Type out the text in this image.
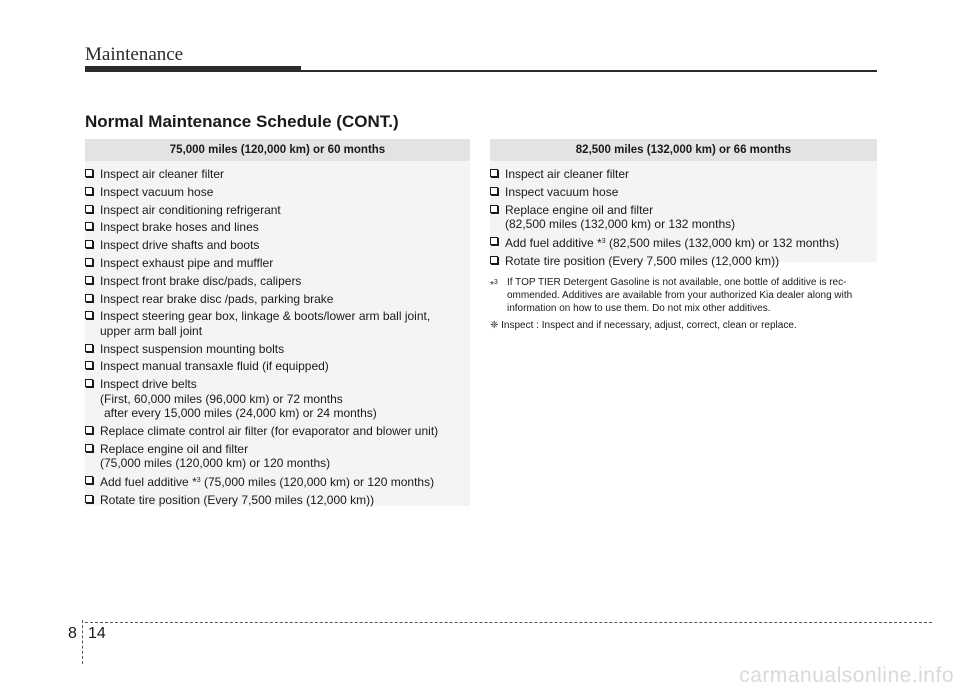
Maintenance
Normal Maintenance Schedule (CONT.)
75,000 miles (120,000 km) or 60 months
Inspect air cleaner filter
Inspect vacuum hose
Inspect air conditioning refrigerant
Inspect brake hoses and lines
Inspect drive shafts and boots
Inspect exhaust pipe and muffler
Inspect front brake disc/pads, calipers
Inspect rear brake disc /pads, parking brake
Inspect steering gear box, linkage & boots/lower arm ball joint,
upper arm ball joint
Inspect suspension mounting bolts
Inspect manual transaxle fluid (if equipped)
Inspect drive belts
(First, 60,000 miles (96,000 km) or 72 months
after every 15,000 miles (24,000 km) or 24 months)
Replace climate control air filter (for evaporator and blower unit)
Replace engine oil and filter
(75,000 miles (120,000 km) or 120 months)
Add fuel additive *$^3$ (75,000 miles (120,000 km) or 120 months)
Rotate tire position (Every 7,500 miles (12,000 km))
82,500 miles (132,000 km) or 66 months
Inspect air cleaner filter
Inspect vacuum hose
Replace engine oil and filter
(82,500 miles (132,000 km) or 132 months)
Add fuel additive *$^3$ (82,500 miles (132,000 km) or 132 months)
Rotate tire position (Every 7,500 miles (12,000 km))
*$^3$ If TOP TIER Detergent Gasoline is not available, one bottle of additive is rec-ommended. Additives are available from your authorized Kia dealer along with information on how to use them. Do not mix other additives.
❈ Inspect : Inspect and if necessary, adjust, correct, clean or replace.
8 14
carmanualsonline.info
